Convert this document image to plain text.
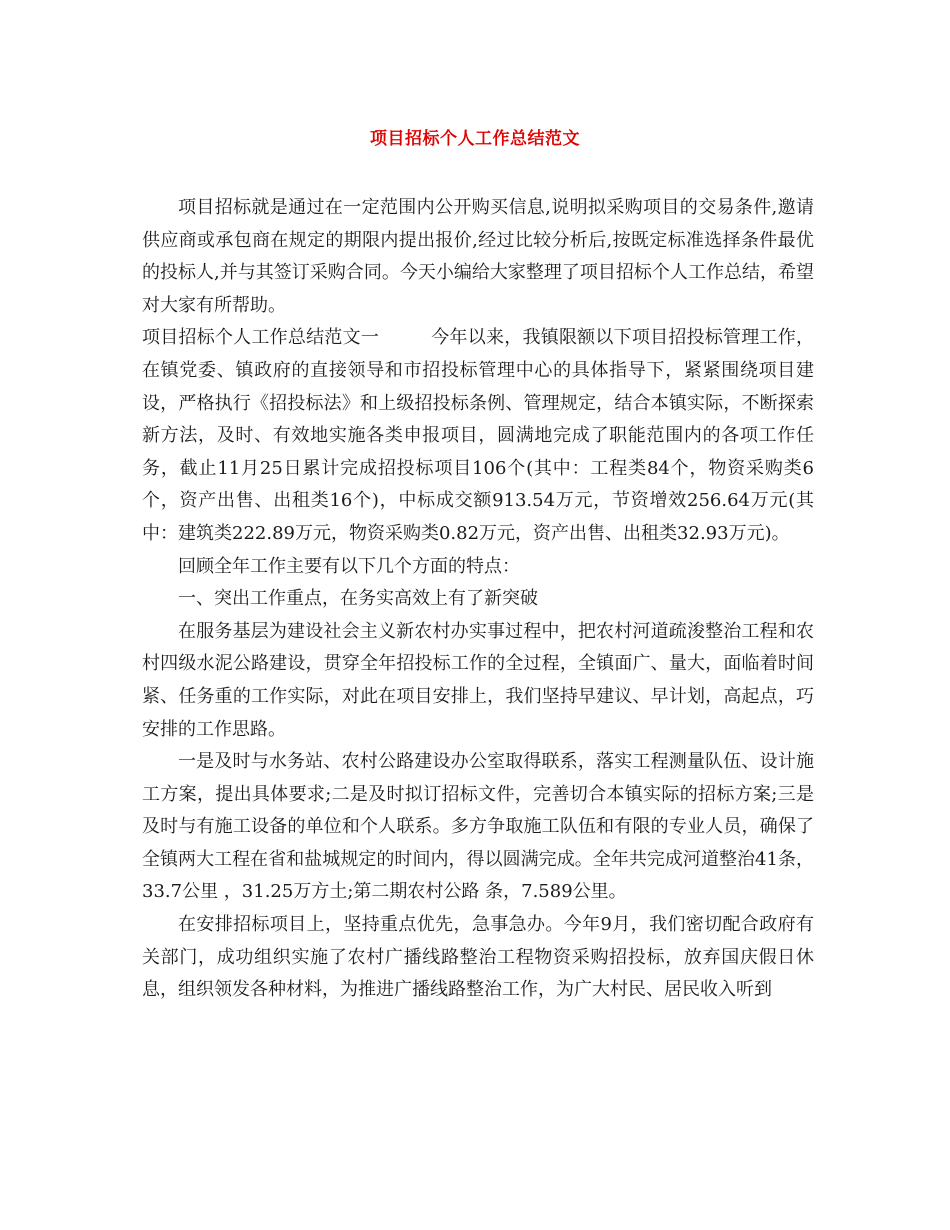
项目招标个人工作总结范文

项目招标就是通过在一定范围内公开购买信息,说明拟采购项目的交易条件,邀请供应商或承包商在规定的期限内提出报价,经过比较分析后,按既定标准选择条件最优的投标人,并与其签订采购合同。今天小编给大家整理了项目招标个人工作总结，希望对大家有所帮助。

项目招标个人工作总结范文一	今年以来，我镇限额以下项目招投标管理工作，在镇党委、镇政府的直接领导和市招投标管理中心的具体指导下，紧紧围绕项目建设，严格执行《招投标法》和上级招投标条例、管理规定，结合本镇实际，不断探索新方法，及时、有效地实施各类申报项目，圆满地完成了职能范围内的各项工作任务，截止11月25日累计完成招投标项目106个(其中：工程类84个，物资采购类6个，资产出售、出租类16个)，中标成交额913.54万元，节资增效256.64万元(其中：建筑类222.89万元，物资采购类0.82万元，资产出售、出租类32.93万元)。

回顾全年工作主要有以下几个方面的特点：

一、突出工作重点，在务实高效上有了新突破

在服务基层为建设社会主义新农村办实事过程中，把农村河道疏浚整治工程和农村四级水泥公路建设，贯穿全年招投标工作的全过程，全镇面广、量大，面临着时间紧、任务重的工作实际，对此在项目安排上，我们坚持早建议、早计划，高起点，巧安排的工作思路。

一是及时与水务站、农村公路建设办公室取得联系，落实工程测量队伍、设计施工方案，提出具体要求;二是及时拟订招标文件，完善切合本镇实际的招标方案;三是及时与有施工设备的单位和个人联系。多方争取施工队伍和有限的专业人员，确保了全镇两大工程在省和盐城规定的时间内，得以圆满完成。全年共完成河道整治41条，33.7公里 ，31.25万方土;第二期农村公路 条，7.589公里。

在安排招标项目上，坚持重点优先，急事急办。今年9月，我们密切配合政府有关部门，成功组织实施了农村广播线路整治工程物资采购招投标，放弃国庆假日休息，组织领发各种材料，为推进广播线路整治工作，为广大村民、居民收入听到
